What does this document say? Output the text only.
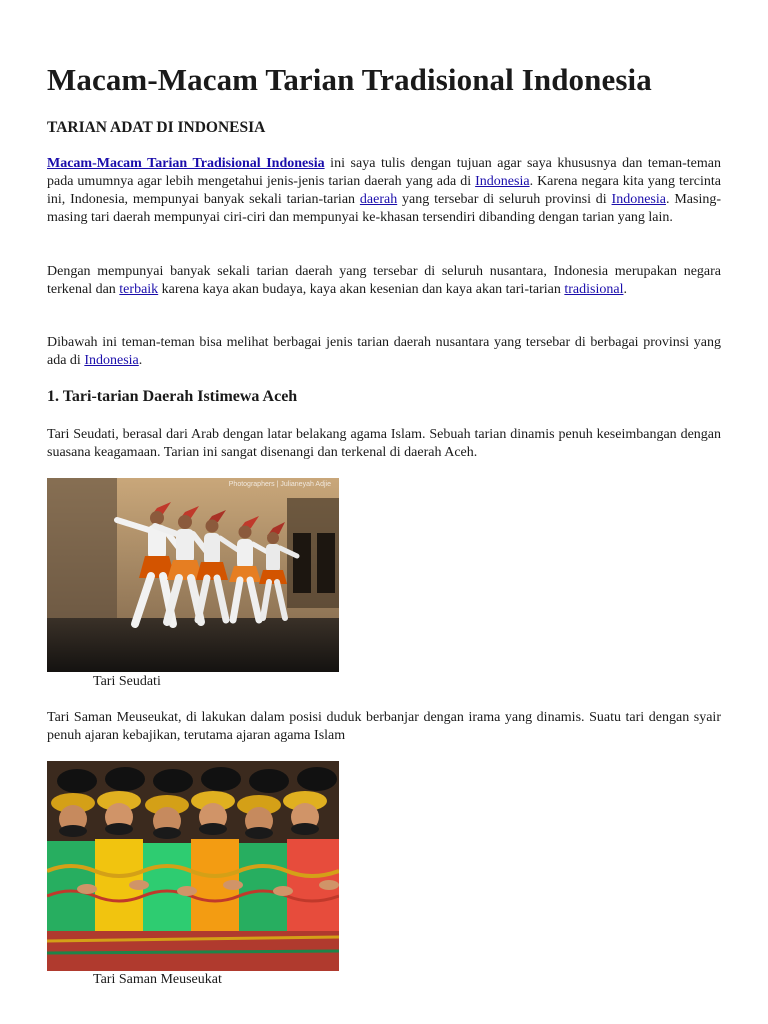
Macam-Macam Tarian Tradisional Indonesia
TARIAN ADAT DI INDONESIA

Macam-Macam Tarian Tradisional Indonesia ini saya tulis dengan tujuan agar saya khususnya dan teman-teman pada umumnya agar lebih mengetahui jenis-jenis tarian daerah yang ada di Indonesia. Karena negara kita yang tercinta ini, Indonesia, mempunyai banyak sekali tarian-tarian daerah yang tersebar di seluruh provinsi di Indonesia. Masing-masing tari daerah mempunyai ciri-ciri dan mempunyai ke-khasan tersendiri dibanding dengan tarian yang lain.

Dengan mempunyai banyak sekali tarian daerah yang tersebar di seluruh nusantara, Indonesia merupakan negara terkenal dan terbaik karena kaya akan budaya, kaya akan kesenian dan kaya akan tari-tarian tradisional.

Dibawah ini teman-teman bisa melihat berbagai jenis tarian daerah nusantara yang tersebar di berbagai provinsi yang ada di Indonesia.

1. Tari-tarian Daerah Istimewa Aceh

Tari Seudati, berasal dari Arab dengan latar belakang agama Islam. Sebuah tarian dinamis penuh keseimbangan dengan suasana keagamaan. Tarian ini sangat disenangi dan terkenal di daerah Aceh.

Photographers | Julianeyah Adjie
Tari Seudati

Tari Saman Meuseukat, di lakukan dalam posisi duduk berbanjar dengan irama yang dinamis. Suatu tari dengan syair penuh ajaran kebajikan, terutama ajaran agama Islam

Tari Saman Meuseukat
